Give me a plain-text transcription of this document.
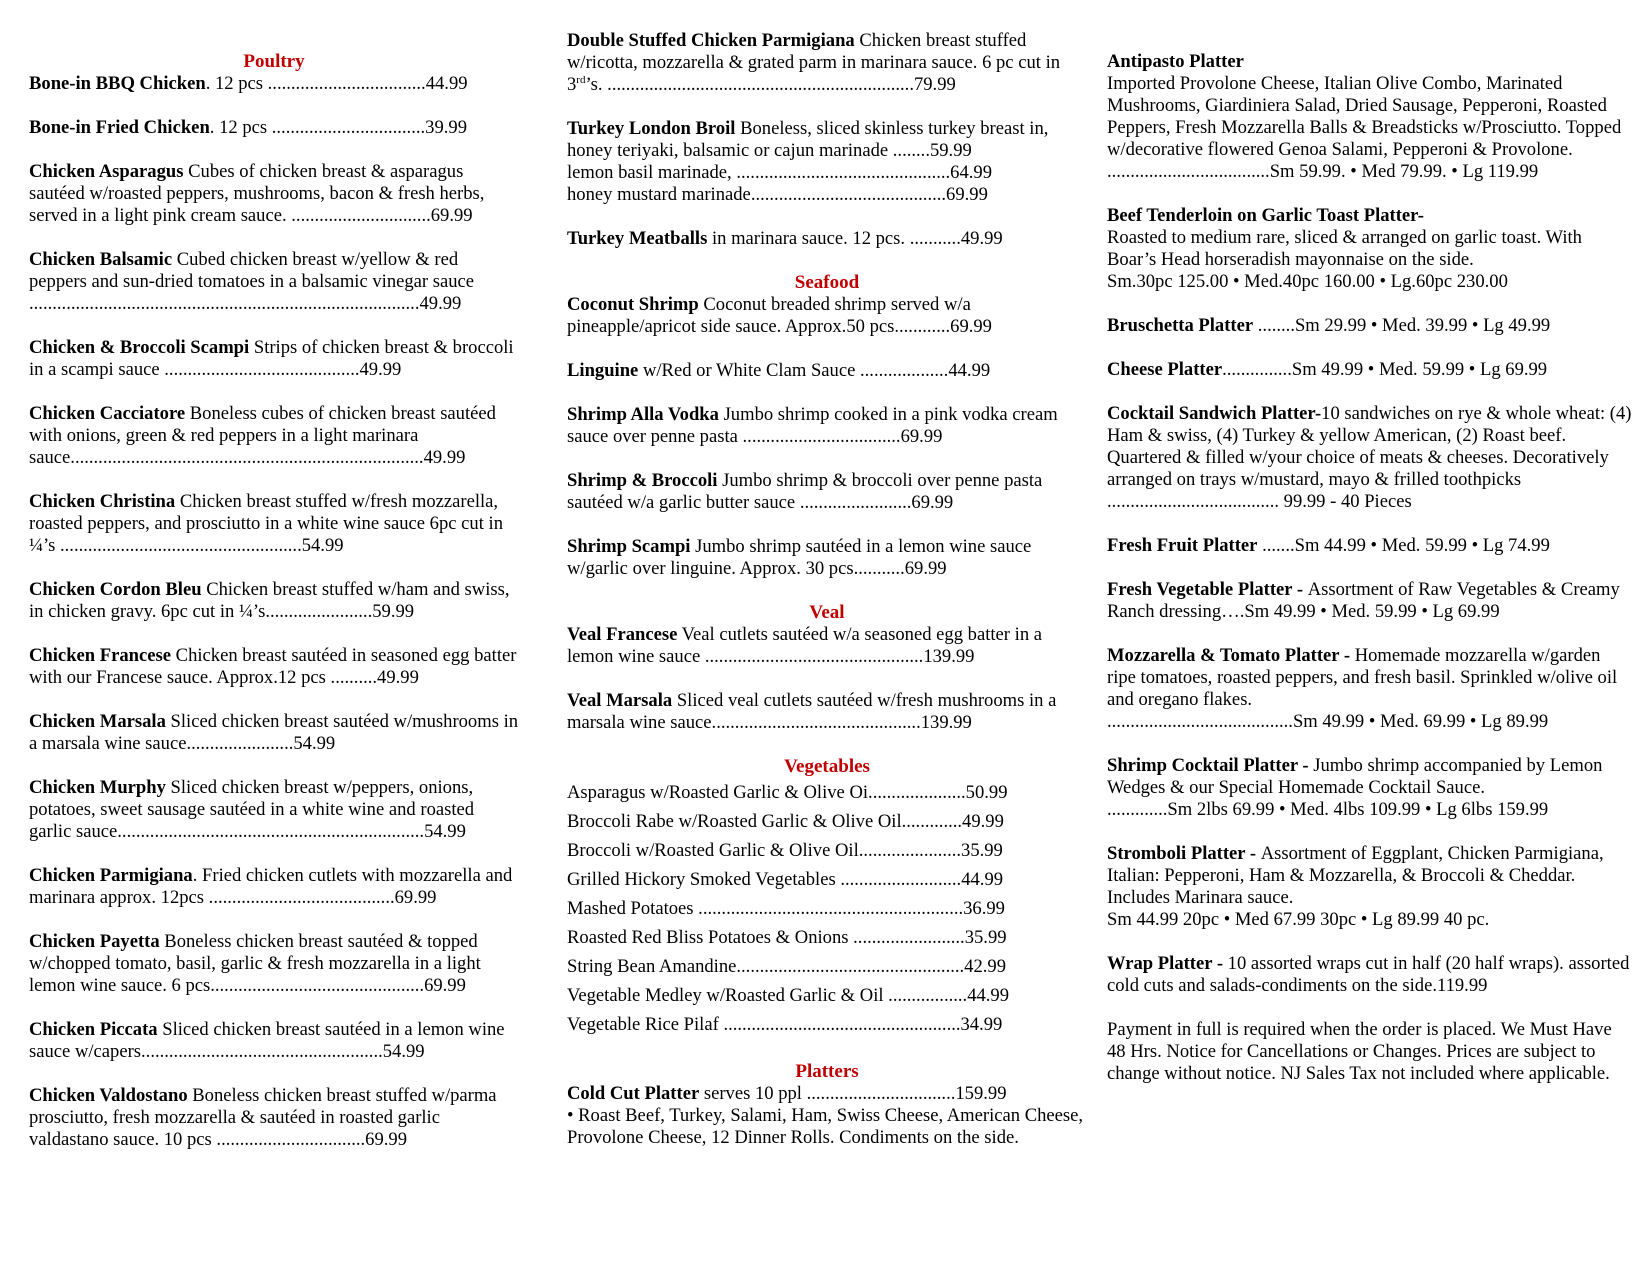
Poultry
Bone-in BBQ Chicken. 12 pcs ..................................44.99
Bone-in Fried Chicken. 12 pcs .................................39.99
Chicken Asparagus Cubes of chicken breast & asparagus sautéed w/roasted peppers, mushrooms, bacon & fresh herbs, served in a light pink cream sauce. ..............................69.99
Chicken Balsamic Cubed chicken breast w/yellow & red peppers and sun-dried tomatoes in a balsamic vinegar sauce ....................................................................................49.99
Chicken & Broccoli Scampi Strips of chicken breast & broccoli in a scampi sauce ..........................................49.99
Chicken Cacciatore Boneless cubes of chicken breast sautéed with onions, green & red peppers in a light marinara sauce............................................................................49.99
Chicken Christina Chicken breast stuffed w/fresh mozzarella, roasted peppers, and prosciutto in a white wine sauce 6pc cut in ¼’s ....................................................54.99
Chicken Cordon Bleu Chicken breast stuffed w/ham and swiss, in chicken gravy. 6pc cut in ¼’s.......................59.99
Chicken Francese Chicken breast sautéed in seasoned egg batter with our Francese sauce. Approx.12 pcs ..........49.99
Chicken Marsala Sliced chicken breast sautéed w/mushrooms in a marsala wine sauce.......................54.99
Chicken Murphy Sliced chicken breast w/peppers, onions, potatoes, sweet sausage sautéed in a white wine and roasted garlic sauce..................................................................54.99
Chicken Parmigiana. Fried chicken cutlets with mozzarella and marinara approx. 12pcs ........................................69.99
Chicken Payetta Boneless chicken breast sautéed & topped w/chopped tomato, basil, garlic & fresh mozzarella in a light lemon wine sauce. 6 pcs..............................................69.99
Chicken Piccata Sliced chicken breast sautéed in a lemon wine sauce w/capers....................................................54.99
Chicken Valdostano Boneless chicken breast stuffed w/parma prosciutto, fresh mozzarella & sautéed in roasted garlic valdastano sauce. 10 pcs ................................69.99
Double Stuffed Chicken Parmigiana Chicken breast stuffed w/ricotta, mozzarella & grated parm in marinara sauce. 6 pc cut in 3rd’s. ..................................................................79.99
Turkey London Broil Boneless, sliced skinless turkey breast in, honey teriyaki, balsamic or cajun marinade ........59.99
lemon basil marinade, ..............................................64.99
honey mustard marinade..........................................69.99
Turkey Meatballs in marinara sauce. 12 pcs. ...........49.99
Seafood
Coconut Shrimp Coconut breaded shrimp served w/a pineapple/apricot side sauce. Approx.50 pcs............69.99
Linguine w/Red or White Clam Sauce ...................44.99
Shrimp Alla Vodka Jumbo shrimp cooked in a pink vodka cream sauce over penne pasta ..................................69.99
Shrimp & Broccoli Jumbo shrimp & broccoli over penne pasta sautéed w/a garlic butter sauce ........................69.99
Shrimp Scampi Jumbo shrimp sautéed in a lemon wine sauce w/garlic over linguine. Approx. 30 pcs...........69.99
Veal
Veal Francese Veal cutlets sautéed w/a seasoned egg batter in a lemon wine sauce ...............................................139.99
Veal Marsala Sliced veal cutlets sautéed w/fresh mushrooms in a marsala wine sauce.............................................139.99
Vegetables
Asparagus w/Roasted Garlic & Olive Oi.....................50.99
Broccoli Rabe w/Roasted Garlic & Olive Oil.............49.99
Broccoli w/Roasted Garlic & Olive Oil......................35.99
Grilled Hickory Smoked Vegetables ..........................44.99
Mashed Potatoes .........................................................36.99
Roasted Red Bliss Potatoes & Onions ........................35.99
String Bean Amandine.................................................42.99
Vegetable Medley w/Roasted Garlic & Oil .................44.99
Vegetable Rice Pilaf ...................................................34.99
Platters
Cold Cut Platter serves 10 ppl ................................159.99
• Roast Beef, Turkey, Salami, Ham, Swiss Cheese, American Cheese, Provolone Cheese, 12 Dinner Rolls. Condiments on the side.
Antipasto Platter
Imported Provolone Cheese, Italian Olive Combo, Marinated Mushrooms, Giardiniera Salad, Dried Sausage, Pepperoni, Roasted Peppers, Fresh Mozzarella Balls & Breadsticks w/Prosciutto. Topped w/decorative flowered Genoa Salami, Pepperoni & Provolone.
...................................Sm 59.99. • Med 79.99. • Lg 119.99
Beef Tenderloin on Garlic Toast Platter-
Roasted to medium rare, sliced & arranged on garlic toast. With Boar’s Head horseradish mayonnaise on the side.
Sm.30pc 125.00 • Med.40pc 160.00 • Lg.60pc 230.00
Bruschetta Platter ........Sm 29.99 • Med. 39.99 • Lg 49.99
Cheese Platter...............Sm 49.99 • Med. 59.99 • Lg 69.99
Cocktail Sandwich Platter-10 sandwiches on rye & whole wheat: (4) Ham & swiss, (4) Turkey & yellow American, (2) Roast beef. Quartered & filled w/your choice of meats & cheeses. Decoratively arranged on trays w/mustard, mayo & frilled toothpicks ..................................... 99.99 - 40 Pieces
Fresh Fruit Platter .......Sm 44.99 • Med. 59.99 • Lg 74.99
Fresh Vegetable Platter - Assortment of Raw Vegetables & Creamy Ranch dressing….Sm 49.99 • Med. 59.99 • Lg 69.99
Mozzarella & Tomato Platter - Homemade mozzarella w/garden ripe tomatoes, roasted peppers, and fresh basil. Sprinkled w/olive oil and oregano flakes.
........................................Sm 49.99 • Med. 69.99 • Lg 89.99
Shrimp Cocktail Platter - Jumbo shrimp accompanied by Lemon Wedges & our Special Homemade Cocktail Sauce.
.............Sm 2lbs 69.99 • Med. 4lbs 109.99 • Lg 6lbs 159.99
Stromboli Platter - Assortment of Eggplant, Chicken Parmigiana, Italian: Pepperoni, Ham & Mozzarella, & Broccoli & Cheddar. Includes Marinara sauce.
Sm 44.99 20pc • Med 67.99 30pc • Lg 89.99 40 pc.
Wrap Platter - 10 assorted wraps cut in half (20 half wraps). assorted cold cuts and salads-condiments on the side.119.99
Payment in full is required when the order is placed. We Must Have 48 Hrs. Notice for Cancellations or Changes. Prices are subject to change without notice. NJ Sales Tax not included where applicable.
